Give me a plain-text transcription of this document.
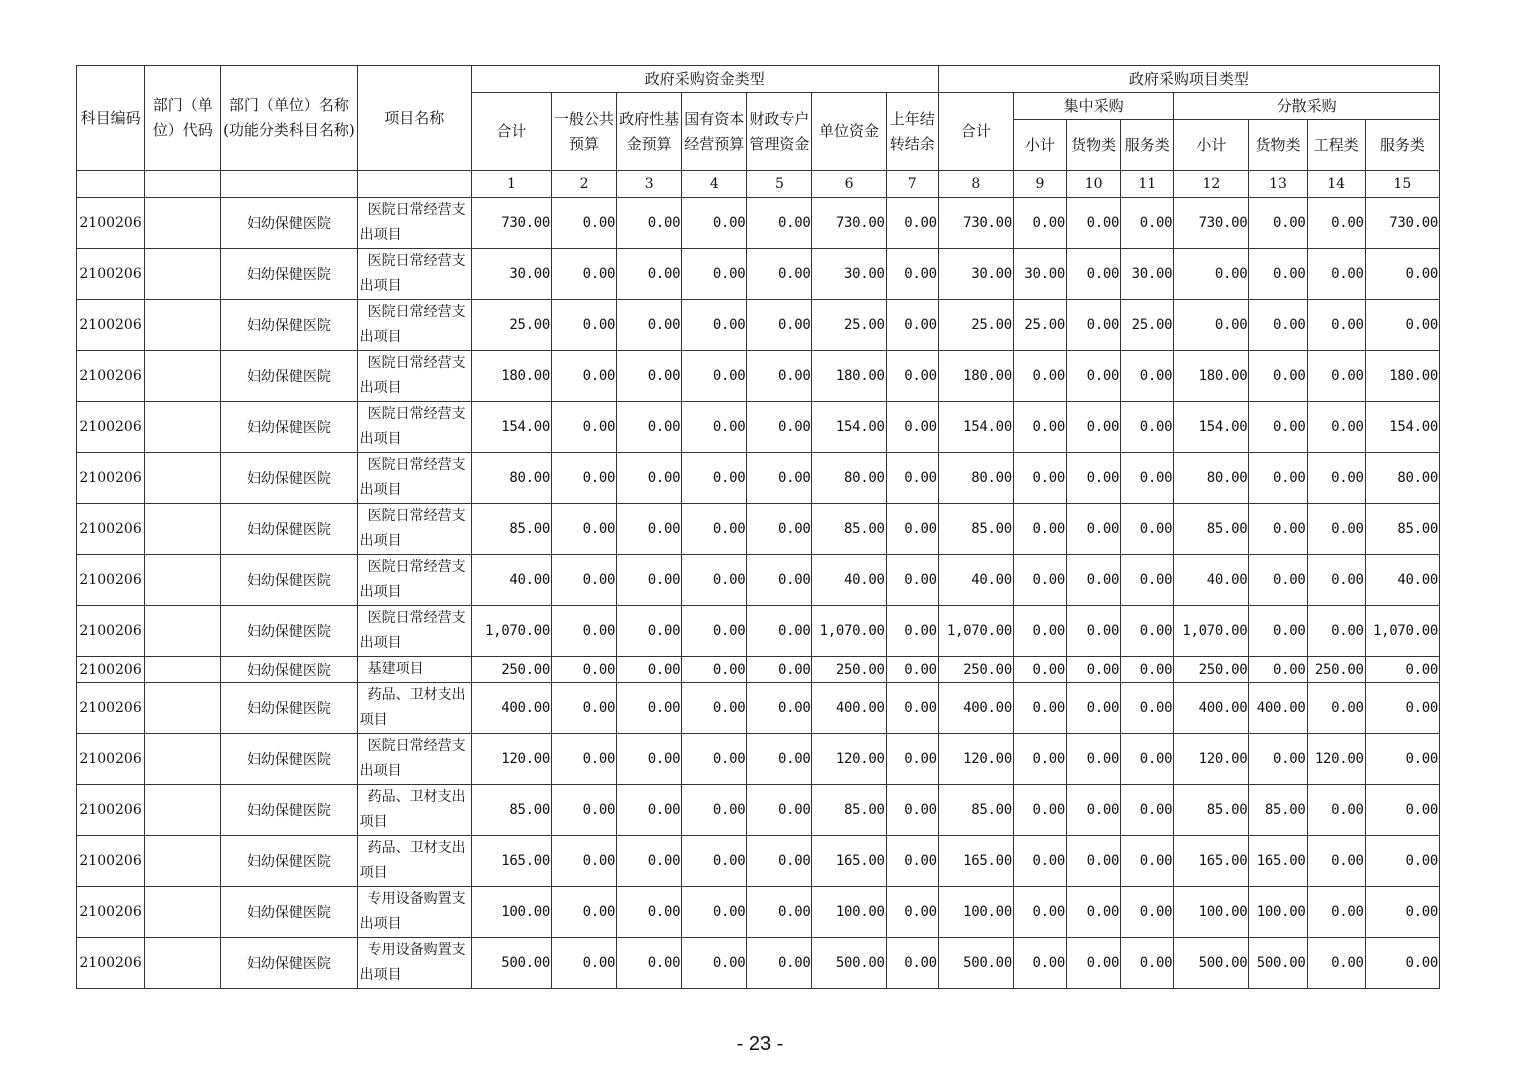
科目编码	部门（单位）代码	部门（单位）名称(功能分类科目名称)	项目名称	政府采购资金类型							政府采购项目类型							
				合计	一般公共预算	政府性基金预算	国有资本经营预算	财政专户管理资金	单位资金	上年结转结余	合计	集中采购			分散采购			
												小计	货物类	服务类	小计	货物类	工程类	服务类
				1	2	3	4	5	6	7	8	9	10	11	12	13	14	15
2100206		妇幼保健医院	医院日常经营支出项目	730.00	0.00	0.00	0.00	0.00	730.00	0.00	730.00	0.00	0.00	0.00	730.00	0.00	0.00	730.00
2100206		妇幼保健医院	医院日常经营支出项目	30.00	0.00	0.00	0.00	0.00	30.00	0.00	30.00	30.00	0.00	30.00	0.00	0.00	0.00	0.00
2100206		妇幼保健医院	医院日常经营支出项目	25.00	0.00	0.00	0.00	0.00	25.00	0.00	25.00	25.00	0.00	25.00	0.00	0.00	0.00	0.00
2100206		妇幼保健医院	医院日常经营支出项目	180.00	0.00	0.00	0.00	0.00	180.00	0.00	180.00	0.00	0.00	0.00	180.00	0.00	0.00	180.00
2100206		妇幼保健医院	医院日常经营支出项目	154.00	0.00	0.00	0.00	0.00	154.00	0.00	154.00	0.00	0.00	0.00	154.00	0.00	0.00	154.00
2100206		妇幼保健医院	医院日常经营支出项目	80.00	0.00	0.00	0.00	0.00	80.00	0.00	80.00	0.00	0.00	0.00	80.00	0.00	0.00	80.00
2100206		妇幼保健医院	医院日常经营支出项目	85.00	0.00	0.00	0.00	0.00	85.00	0.00	85.00	0.00	0.00	0.00	85.00	0.00	0.00	85.00
2100206		妇幼保健医院	医院日常经营支出项目	40.00	0.00	0.00	0.00	0.00	40.00	0.00	40.00	0.00	0.00	0.00	40.00	0.00	0.00	40.00
2100206		妇幼保健医院	医院日常经营支出项目	1,070.00	0.00	0.00	0.00	0.00	1,070.00	0.00	1,070.00	0.00	0.00	0.00	1,070.00	0.00	0.00	1,070.00
2100206		妇幼保健医院	基建项目	250.00	0.00	0.00	0.00	0.00	250.00	0.00	250.00	0.00	0.00	0.00	250.00	0.00	250.00	0.00
2100206		妇幼保健医院	药品、卫材支出项目	400.00	0.00	0.00	0.00	0.00	400.00	0.00	400.00	0.00	0.00	0.00	400.00	400.00	0.00	0.00
2100206		妇幼保健医院	医院日常经营支出项目	120.00	0.00	0.00	0.00	0.00	120.00	0.00	120.00	0.00	0.00	0.00	120.00	0.00	120.00	0.00
2100206		妇幼保健医院	药品、卫材支出项目	85.00	0.00	0.00	0.00	0.00	85.00	0.00	85.00	0.00	0.00	0.00	85.00	85.00	0.00	0.00
2100206		妇幼保健医院	药品、卫材支出项目	165.00	0.00	0.00	0.00	0.00	165.00	0.00	165.00	0.00	0.00	0.00	165.00	165.00	0.00	0.00
2100206		妇幼保健医院	专用设备购置支出项目	100.00	0.00	0.00	0.00	0.00	100.00	0.00	100.00	0.00	0.00	0.00	100.00	100.00	0.00	0.00
2100206		妇幼保健医院	专用设备购置支出项目	500.00	0.00	0.00	0.00	0.00	500.00	0.00	500.00	0.00	0.00	0.00	500.00	500.00	0.00	0.00
- 23 -
